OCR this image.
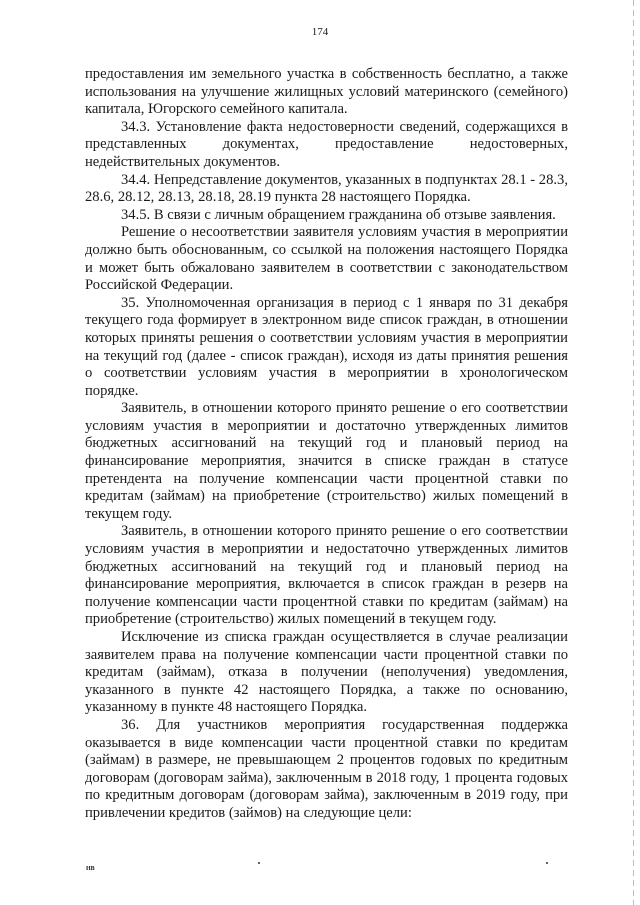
174

предоставления им земельного участка в собственность бесплатно, а также использования на улучшение жилищных условий материнского (семейного) капитала, Югорского семейного капитала.

34.3. Установление факта недостоверности сведений, содержащихся в представленных документах, предоставление недостоверных, недействительных документов.

34.4. Непредставление документов, указанных в подпунктах 28.1 - 28.3, 28.6, 28.12, 28.13, 28.18, 28.19 пункта 28 настоящего Порядка.

34.5. В связи с личным обращением гражданина об отзыве заявления.

Решение о несоответствии заявителя условиям участия в мероприятии должно быть обоснованным, со ссылкой на положения настоящего Порядка и может быть обжаловано заявителем в соответствии с законодательством Российской Федерации.

35. Уполномоченная организация в период с 1 января по 31 декабря текущего года формирует в электронном виде список граждан, в отношении которых приняты решения о соответствии условиям участия в мероприятии на текущий год (далее - список граждан), исходя из даты принятия решения о соответствии условиям участия в мероприятии в хронологическом порядке.

Заявитель, в отношении которого принято решение о его соответствии условиям участия в мероприятии и достаточно утвержденных лимитов бюджетных ассигнований на текущий год и плановый период на финансирование мероприятия, значится в списке граждан в статусе претендента на получение компенсации части процентной ставки по кредитам (займам) на приобретение (строительство) жилых помещений в текущем году.

Заявитель, в отношении которого принято решение о его соответствии условиям участия в мероприятии и недостаточно утвержденных лимитов бюджетных ассигнований на текущий год и плановый период на финансирование мероприятия, включается в список граждан в резерв на получение компенсации части процентной ставки по кредитам (займам) на приобретение (строительство) жилых помещений в текущем году.

Исключение из списка граждан осуществляется в случае реализации заявителем права на получение компенсации части процентной ставки по кредитам (займам), отказа в получении (неполучения) уведомления, указанного в пункте 42 настоящего Порядка, а также по основанию, указанному в пункте 48 настоящего Порядка.

36. Для участников мероприятия государственная поддержка оказывается в виде компенсации части процентной ставки по кредитам (займам) в размере, не превышающем 2 процентов годовых по кредитным договорам (договорам займа), заключенным в 2018 году, 1 процента годовых по кредитным договорам (договорам займа), заключенным в 2019 году, при привлечении кредитов (займов) на следующие цели:

НВ
